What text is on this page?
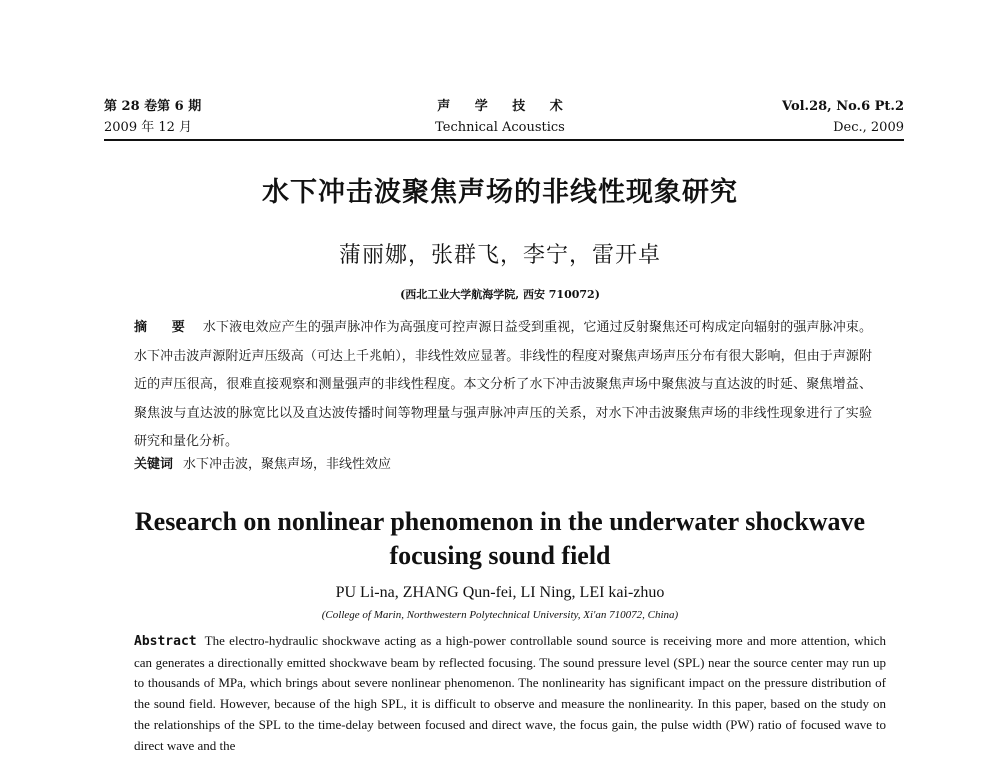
第 28 卷第 6 期
2009 年 12 月
声 学 技 术
Technical Acoustics
Vol.28, No.6 Pt.2
Dec., 2009
水下冲击波聚焦声场的非线性现象研究
蒲丽娜，张群飞，李宁，雷开卓
(西北工业大学航海学院, 西安 710072)
摘 要 水下液电效应产生的强声脉冲作为高强度可控声源日益受到重视，它通过反射聚焦还可构成定向辐射的强声脉冲束。水下冲击波声源附近声压级高（可达上千兆帕），非线性效应显著。非线性的程度对聚焦声场声压分布有很大影响，但由于声源附近的声压很高，很难直接观察和测量强声的非线性程度。本文分析了水下冲击波聚焦声场中聚焦波与直达波的时延、聚焦增益、聚焦波与直达波的脉宽比以及直达波传播时间等物理量与强声脉冲声压的关系，对水下冲击波聚焦声场的非线性现象进行了实验研究和量化分析。
关键词 水下冲击波，聚焦声场，非线性效应
Research on nonlinear phenomenon in the underwater shockwave focusing sound field
PU Li-na, ZHANG Qun-fei, LI Ning, LEI kai-zhuo
(College of Marin, Northwestern Polytechnical University, Xi'an 710072, China)
Abstract The electro-hydraulic shockwave acting as a high-power controllable sound source is receiving more and more attention, which can generates a directionally emitted shockwave beam by reflected focusing. The sound pressure level (SPL) near the source center may run up to thousands of MPa, which brings about severe nonlinear phenomenon. The nonlinearity has significant impact on the pressure distribution of the sound field. However, because of the high SPL, it is difficult to observe and measure the nonlinearity. In this paper, based on the study on the relationships of the SPL to the time-delay between focused and direct wave, the focus gain, the pulse width (PW) ratio of focused wave to direct wave and the
